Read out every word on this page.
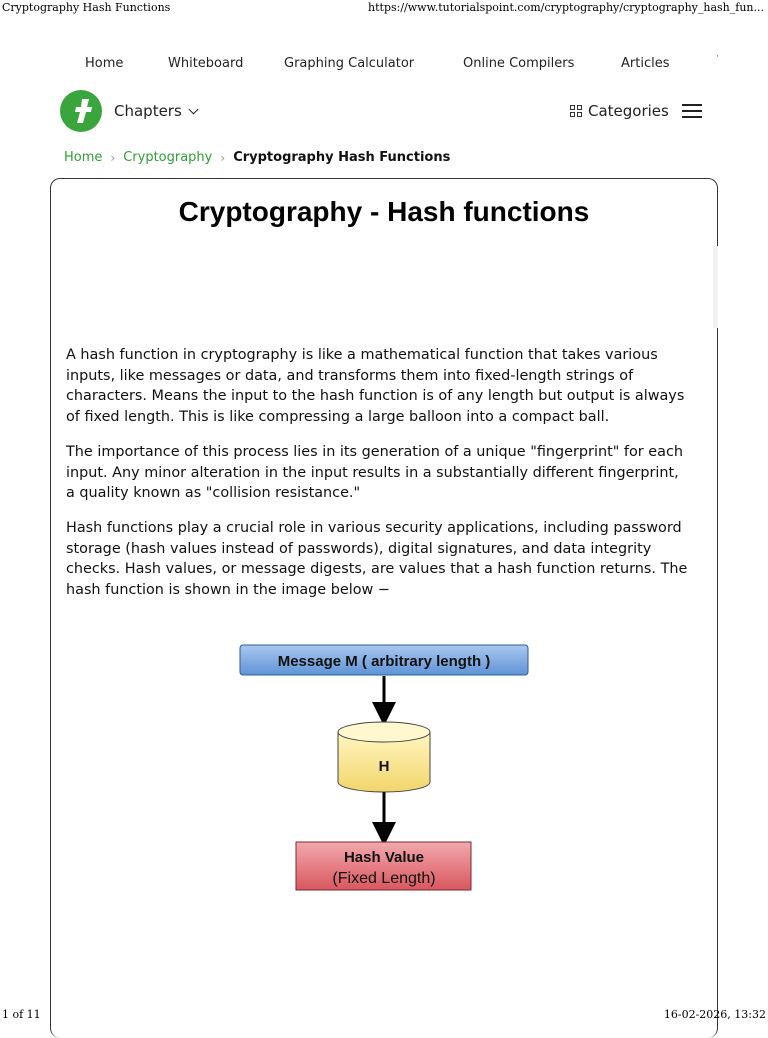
Cryptography Hash Functions	https://www.tutorialspoint.com/cryptography/cryptography_hash_fun...
Home	Whiteboard	Graphing Calculator	Online Compilers	Articles	·
Chapters	Categories
Home › Cryptography › Cryptography Hash Functions
Cryptography - Hash functions
A hash function in cryptography is like a mathematical function that takes various
inputs, like messages or data, and transforms them into fixed-length strings of
characters. Means the input to the hash function is of any length but output is always
of fixed length. This is like compressing a large balloon into a compact ball.
The importance of this process lies in its generation of a unique "fingerprint" for each
input. Any minor alteration in the input results in a substantially different fingerprint,
a quality known as "collision resistance."
Hash functions play a crucial role in various security applications, including password
storage (hash values instead of passwords), digital signatures, and data integrity
checks. Hash values, or message digests, are values that a hash function returns. The
hash function is shown in the image below −
Message M ( arbitrary length )
H
Hash Value
(Fixed Length)
1 of 11	16-02-2026, 13:32
